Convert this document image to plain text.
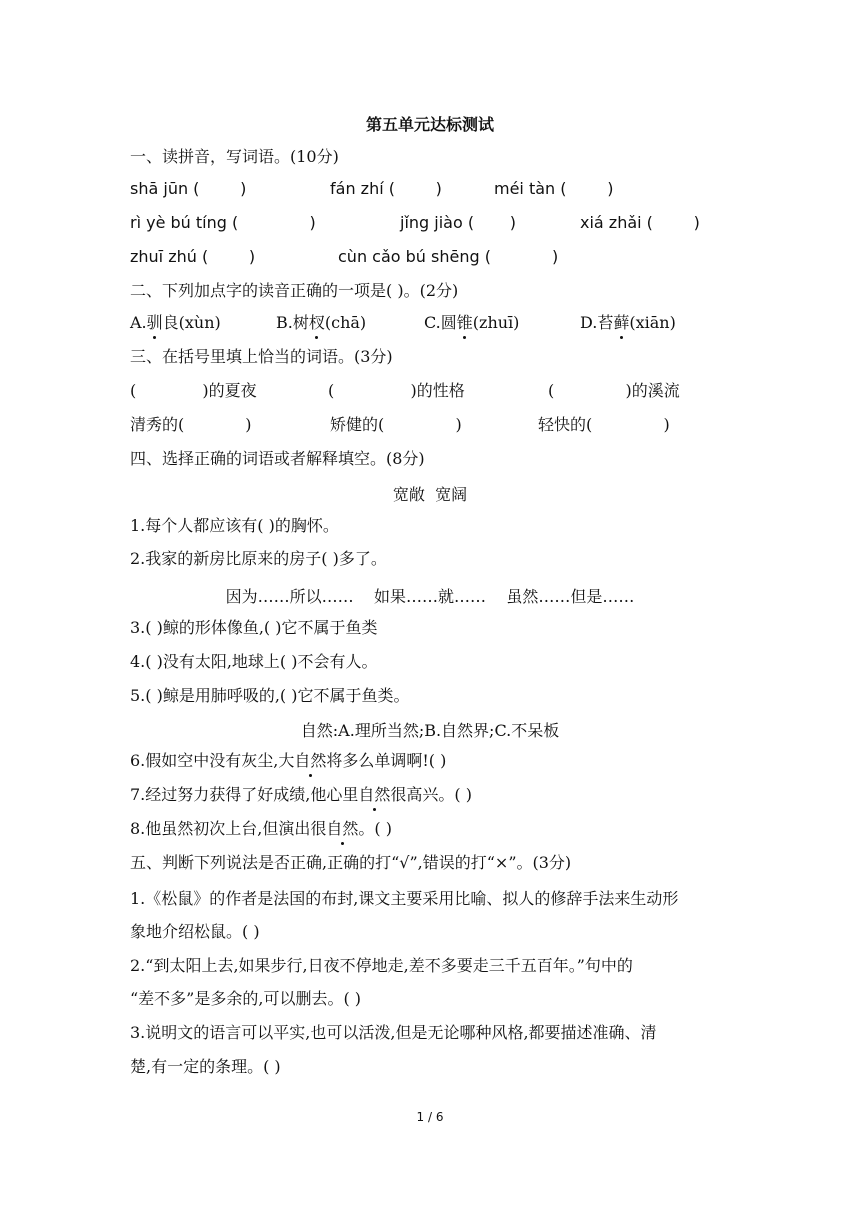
第五单元达标测试
一、读拼音，写词语。(10分)
shā jūn (        )	fán zhí (        )	méi tàn (        )
rì yè bú tíng (              )	jǐng jiào (       )	xiá zhǎi (        )
zhuī zhú (        )	cùn cǎo bú shēng (            )
二、下列加点字的读音正确的一项是( )。(2分)
A.驯良(xùn)	B.树杈(chā)	C.圆锥(zhuī)	D.苔藓(xiān)
三、在括号里填上恰当的词语。(3分)
(             )的夏夜	(               )的性格	(              )的溪流
清秀的(            )	矫健的(              )	轻快的(              )
四、选择正确的词语或者解释填空。(8分)
宽敞  宽阔
1.每个人都应该有( )的胸怀。
2.我家的新房比原来的房子( )多了。
因为……所以……    如果……就……    虽然……但是……
3.( )鲸的形体像鱼,( )它不属于鱼类
4.( )没有太阳,地球上( )不会有人。
5.( )鲸是用肺呼吸的,( )它不属于鱼类。
自然:A.理所当然;B.自然界;C.不呆板
6.假如空中没有灰尘,大自然将多么单调啊!( )
7.经过努力获得了好成绩,他心里自然很高兴。( )
8.他虽然初次上台,但演出很自然。( )
五、判断下列说法是否正确,正确的打“√”,错误的打“×”。(3分)
1.《松鼠》的作者是法国的布封,课文主要采用比喻、拟人的修辞手法来生动形
象地介绍松鼠。( )
2.“到太阳上去,如果步行,日夜不停地走,差不多要走三千五百年。”句中的
“差不多”是多余的,可以删去。( )
3.说明文的语言可以平实,也可以活泼,但是无论哪种风格,都要描述准确、清
楚,有一定的条理。( )
1 / 6
